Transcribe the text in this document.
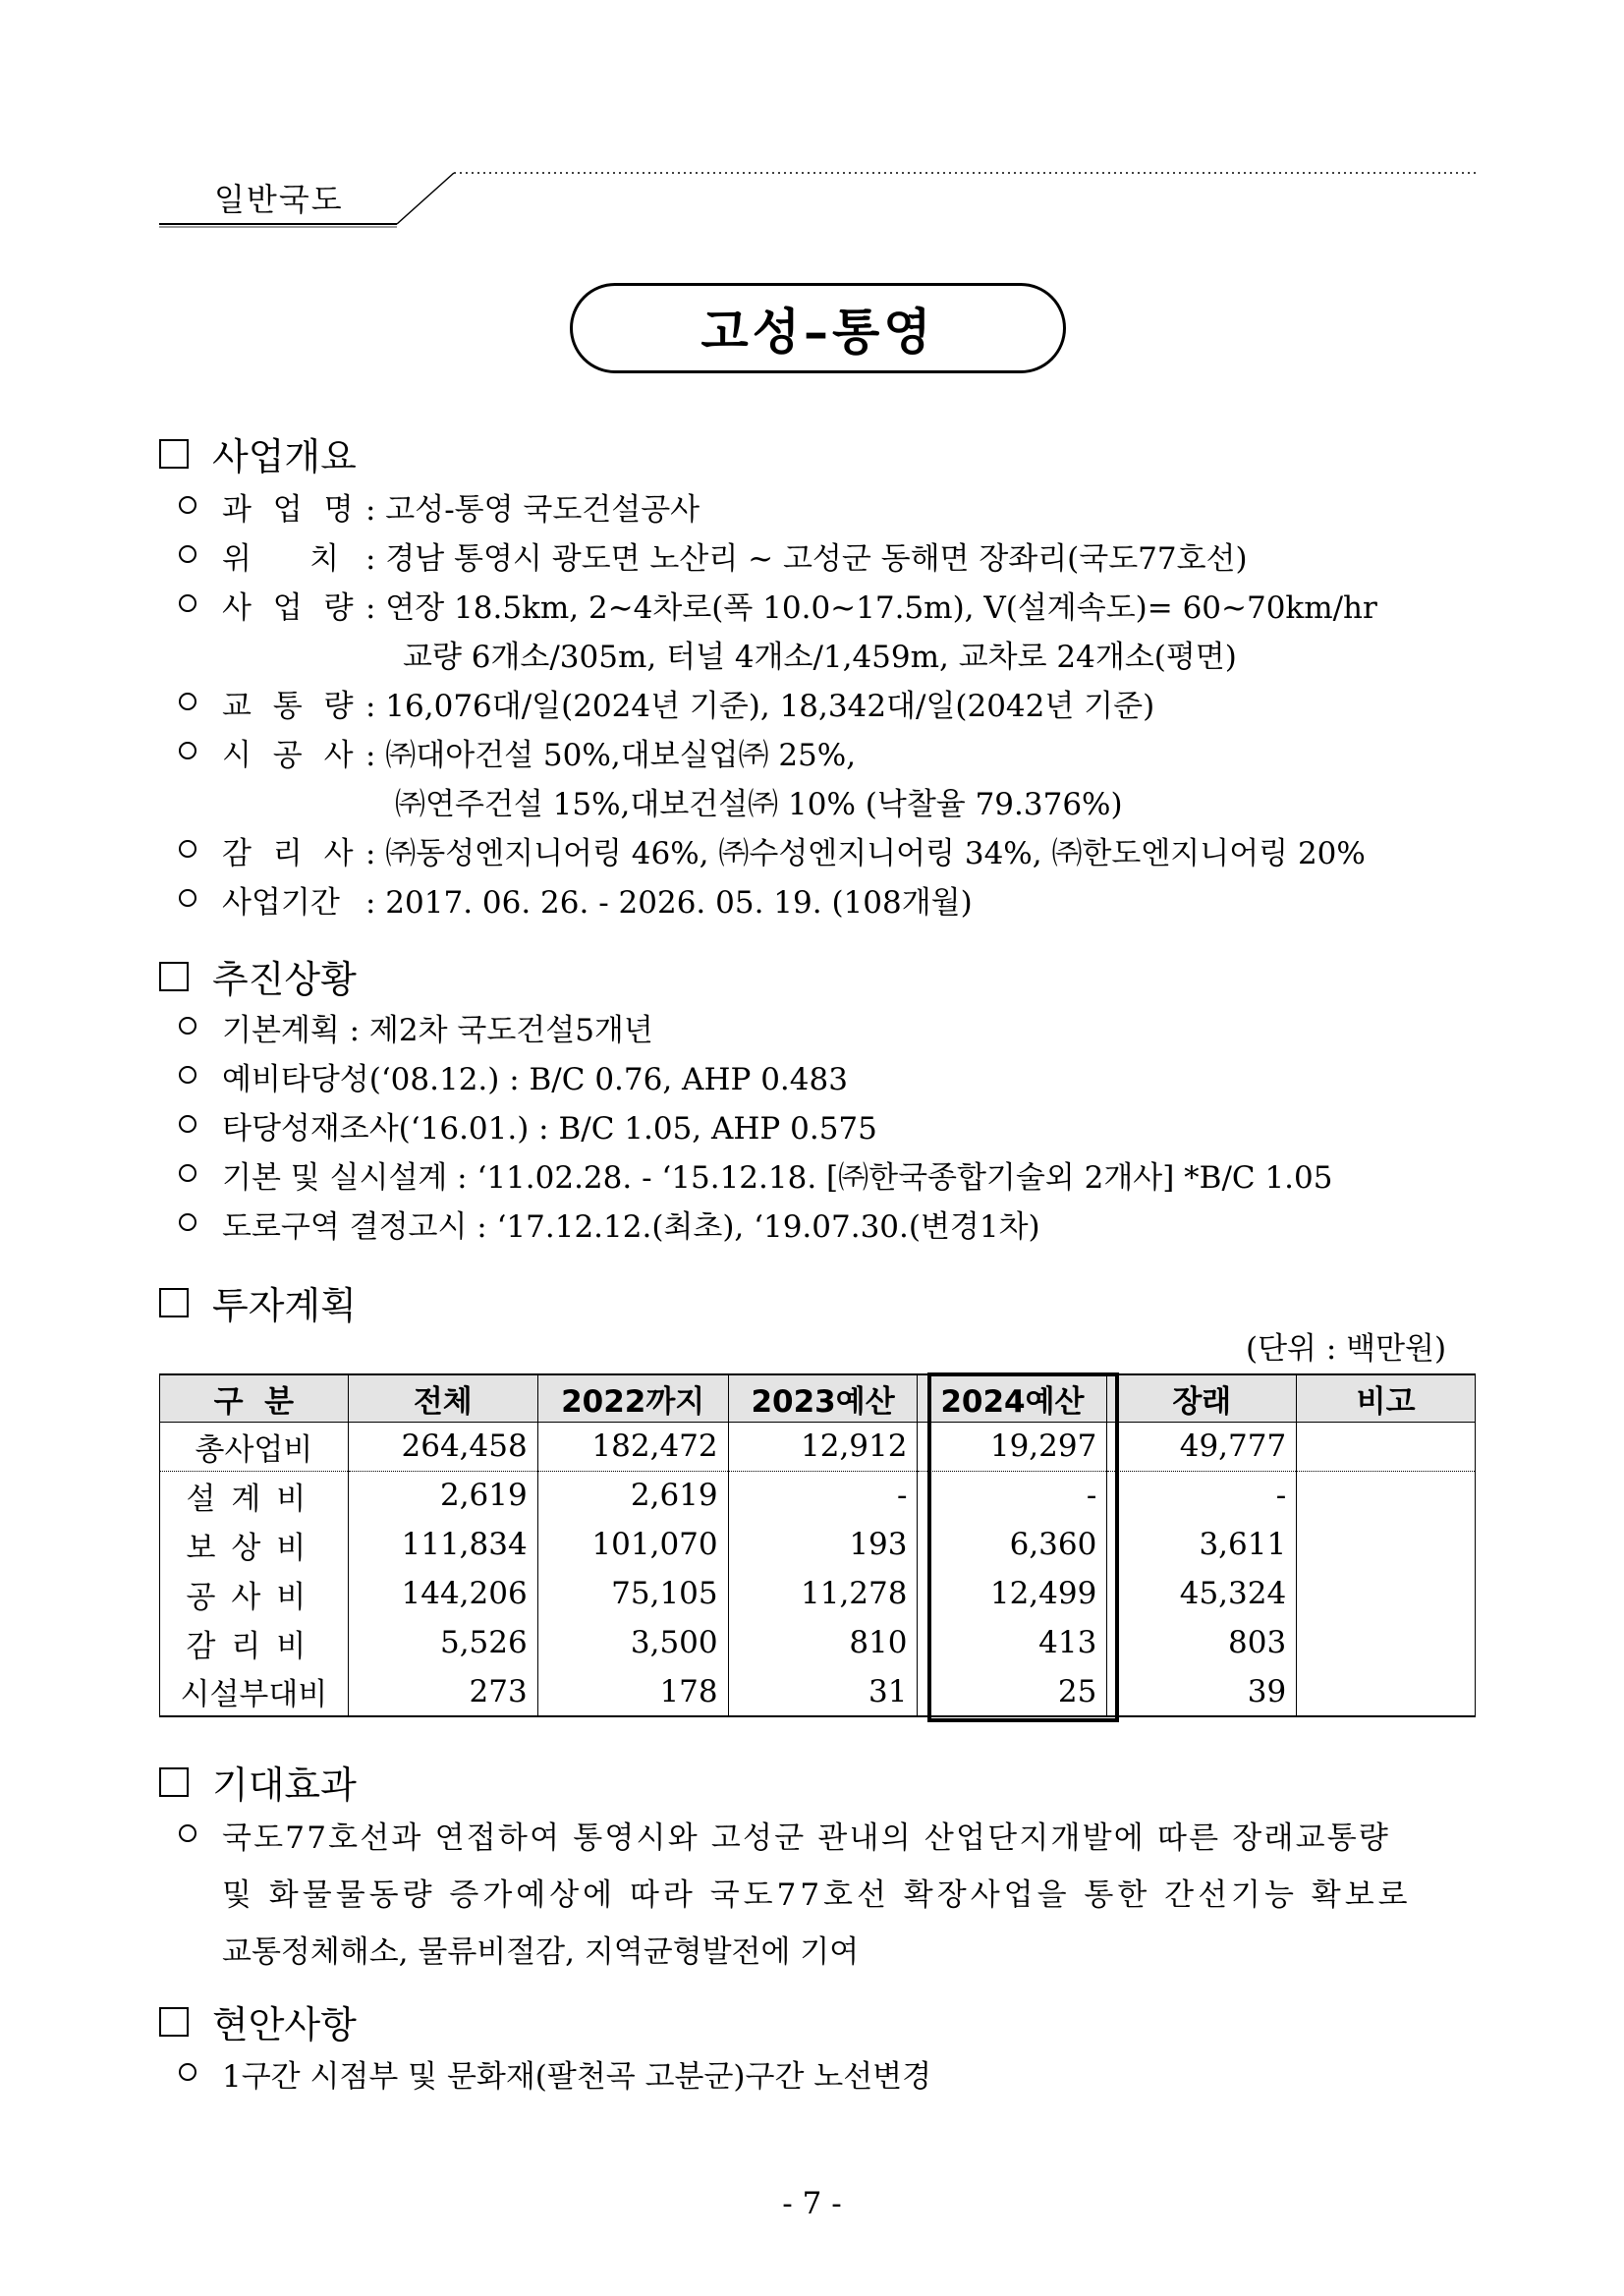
일반국도
고성–통영
사업개요
과 업 명 : 고성-통영 국도건설공사
위      치 : 경남 통영시 광도면 노산리 ~ 고성군 동해면 장좌리(국도77호선)
사 업 량 : 연장 18.5km, 2∼4차로(폭 10.0~17.5m), V(설계속도)= 60~70km/hr
교량 6개소/305m, 터널 4개소/1,459m, 교차로 24개소(평면)
교 통 량 : 16,076대/일(2024년 기준), 18,342대/일(2042년 기준)
시 공 사 : ㈜대아건설 50%,대보실업㈜ 25%,
㈜연주건설 15%,대보건설㈜ 10% (낙찰율 79.376%)
감 리 사 : ㈜동성엔지니어링 46%, ㈜수성엔지니어링 34%, ㈜한도엔지니어링 20%
사업기간 : 2017. 06. 26. - 2026. 05. 19. (108개월)
추진상황
기본계획 : 제2차 국도건설5개년
예비타당성(‘08.12.) : B/C 0.76, AHP 0.483
타당성재조사(‘16.01.) : B/C 1.05, AHP 0.575
기본 및 실시설계 : ‘11.02.28. - ‘15.12.18. [㈜한국종합기술외 2개사] *B/C 1.05
도로구역 결정고시 : ‘17.12.12.(최초), ‘19.07.30.(변경1차)
투자계획
(단위 : 백만원)
구  분	전체	2022까지	2023예산	2024예산	장래	비고
총사업비	264,458	182,472	12,912	19,297	49,777	
설계비	2,619	2,619	-	-	-	
보상비	111,834	101,070	193	6,360	3,611	
공사비	144,206	75,105	11,278	12,499	45,324	
감리비	5,526	3,500	810	413	803	
시설부대비	273	178	31	25	39	
기대효과
국도77호선과 연접하여 통영시와 고성군 관내의 산업단지개발에 따른 장래교통량
및 화물물동량 증가예상에 따라 국도77호선 확장사업을 통한 간선기능 확보로
교통정체해소, 물류비절감, 지역균형발전에 기여
현안사항
1구간 시점부 및 문화재(팔천곡 고분군)구간 노선변경
- 7 -
